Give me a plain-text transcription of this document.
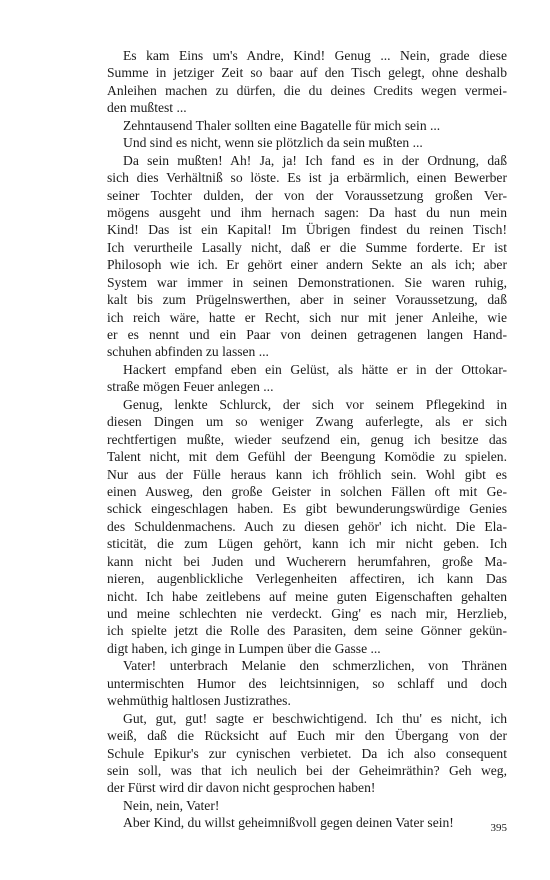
Es kam Eins um's Andre, Kind! Genug ... Nein, grade diese
Summe in jetziger Zeit so baar auf den Tisch gelegt, ohne deshalb
Anleihen machen zu dürfen, die du deines Credits wegen vermei-
den mußtest ...
Zehntausend Thaler sollten eine Bagatelle für mich sein ...
Und sind es nicht, wenn sie plötzlich da sein mußten ...
Da sein mußten! Ah! Ja, ja! Ich fand es in der Ordnung, daß
sich dies Verhältniß so löste. Es ist ja erbärmlich, einen Bewerber
seiner Tochter dulden, der von der Voraussetzung großen Ver-
mögens ausgeht und ihm hernach sagen: Da hast du nun mein
Kind! Das ist ein Kapital! Im Übrigen findest du reinen Tisch!
Ich verurtheile Lasally nicht, daß er die Summe forderte. Er ist
Philosoph wie ich. Er gehört einer andern Sekte an als ich; aber
System war immer in seinen Demonstrationen. Sie waren ruhig,
kalt bis zum Prügelnswerthen, aber in seiner Voraussetzung, daß
ich reich wäre, hatte er Recht, sich nur mit jener Anleihe, wie
er es nennt und ein Paar von deinen getragenen langen Hand-
schuhen abfinden zu lassen ...
Hackert empfand eben ein Gelüst, als hätte er in der Ottokar-
straße mögen Feuer anlegen ...
Genug, lenkte Schlurck, der sich vor seinem Pflegekind in
diesen Dingen um so weniger Zwang auferlegte, als er sich
rechtfertigen mußte, wieder seufzend ein, genug ich besitze das
Talent nicht, mit dem Gefühl der Beengung Komödie zu spielen.
Nur aus der Fülle heraus kann ich fröhlich sein. Wohl gibt es
einen Ausweg, den große Geister in solchen Fällen oft mit Ge-
schick eingeschlagen haben. Es gibt bewunderungswürdige Genies
des Schuldenmachens. Auch zu diesen gehör' ich nicht. Die Ela-
sticität, die zum Lügen gehört, kann ich mir nicht geben. Ich
kann nicht bei Juden und Wucherern herumfahren, große Ma-
nieren, augenblickliche Verlegenheiten affectiren, ich kann Das
nicht. Ich habe zeitlebens auf meine guten Eigenschaften gehalten
und meine schlechten nie verdeckt. Ging' es nach mir, Herzlieb,
ich spielte jetzt die Rolle des Parasiten, dem seine Gönner gekün-
digt haben, ich ginge in Lumpen über die Gasse ...
Vater! unterbrach Melanie den schmerzlichen, von Thränen
untermischten Humor des leichtsinnigen, so schlaff und doch
wehmüthig haltlosen Justizrathes.
Gut, gut, gut! sagte er beschwichtigend. Ich thu' es nicht, ich
weiß, daß die Rücksicht auf Euch mir den Übergang von der
Schule Epikur's zur cynischen verbietet. Da ich also consequent
sein soll, was that ich neulich bei der Geheimräthin? Geh weg,
der Fürst wird dir davon nicht gesprochen haben!
Nein, nein, Vater!
Aber Kind, du willst geheimnißvoll gegen deinen Vater sein!	395
